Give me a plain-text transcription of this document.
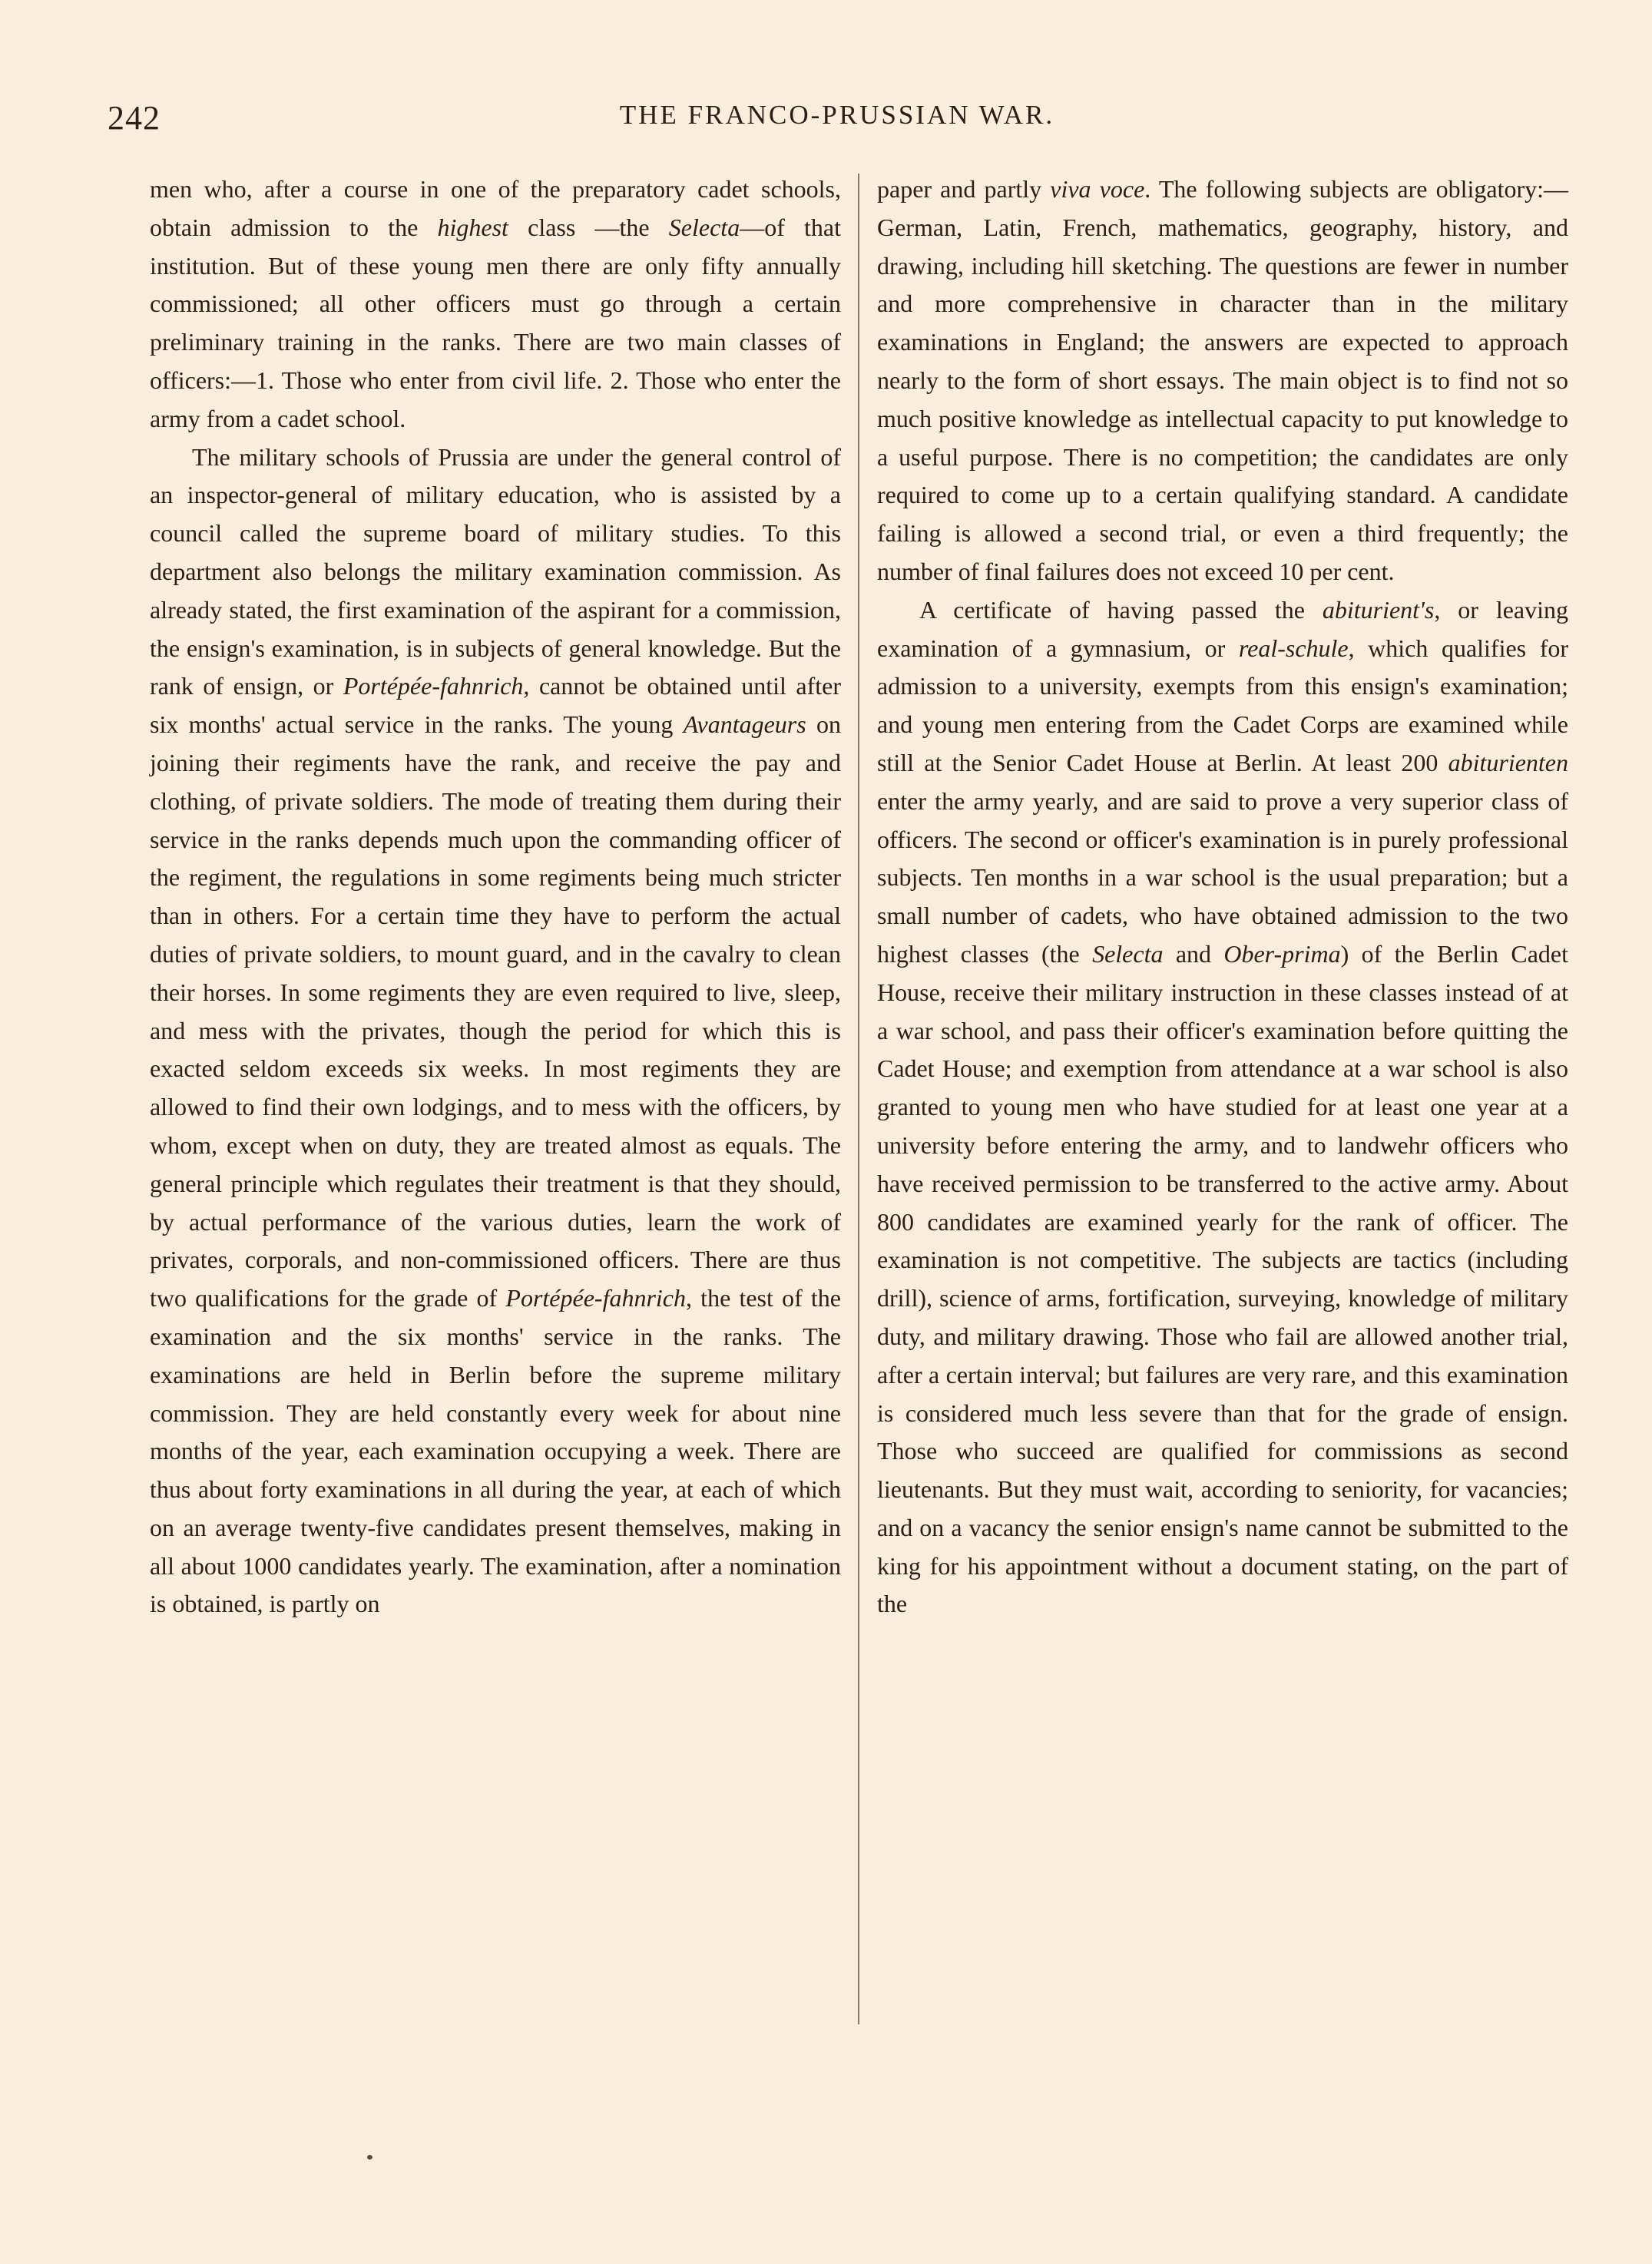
242	THE FRANCO-PRUSSIAN WAR.

men who, after a course in one of the preparatory cadet schools, obtain admission to the highest class —the Selecta—of that institution. But of these young men there are only fifty annually commissioned; all other officers must go through a certain preliminary training in the ranks. There are two main classes of officers:—1. Those who enter from civil life. 2. Those who enter the army from a cadet school.

The military schools of Prussia are under the general control of an inspector-general of military education, who is assisted by a council called the supreme board of military studies. To this department also belongs the military examination commission. As already stated, the first examination of the aspirant for a commission, the ensign's examination, is in subjects of general knowledge. But the rank of ensign, or Portépée-fahnrich, cannot be obtained until after six months' actual service in the ranks. The young Avantageurs on joining their regiments have the rank, and receive the pay and clothing, of private soldiers. The mode of treating them during their service in the ranks depends much upon the commanding officer of the regiment, the regulations in some regiments being much stricter than in others. For a certain time they have to perform the actual duties of private soldiers, to mount guard, and in the cavalry to clean their horses. In some regiments they are even required to live, sleep, and mess with the privates, though the period for which this is exacted seldom exceeds six weeks. In most regiments they are allowed to find their own lodgings, and to mess with the officers, by whom, except when on duty, they are treated almost as equals. The general principle which regulates their treatment is that they should, by actual performance of the various duties, learn the work of privates, corporals, and non-commissioned officers. There are thus two qualifications for the grade of Portépée-fahnrich, the test of the examination and the six months' service in the ranks. The examinations are held in Berlin before the supreme military commission. They are held constantly every week for about nine months of the year, each examination occupying a week. There are thus about forty examinations in all during the year, at each of which on an average twenty-five candidates present themselves, making in all about 1000 candidates yearly. The examination, after a nomination is obtained, is partly on

paper and partly viva voce. The following subjects are obligatory:—German, Latin, French, mathematics, geography, history, and drawing, including hill sketching. The questions are fewer in number and more comprehensive in character than in the military examinations in England; the answers are expected to approach nearly to the form of short essays. The main object is to find not so much positive knowledge as intellectual capacity to put knowledge to a useful purpose. There is no competition; the candidates are only required to come up to a certain qualifying standard. A candidate failing is allowed a second trial, or even a third frequently; the number of final failures does not exceed 10 per cent.

A certificate of having passed the abiturient's, or leaving examination of a gymnasium, or real-schule, which qualifies for admission to a university, exempts from this ensign's examination; and young men entering from the Cadet Corps are examined while still at the Senior Cadet House at Berlin. At least 200 abiturienten enter the army yearly, and are said to prove a very superior class of officers. The second or officer's examination is in purely professional subjects. Ten months in a war school is the usual preparation; but a small number of cadets, who have obtained admission to the two highest classes (the Selecta and Ober-prima) of the Berlin Cadet House, receive their military instruction in these classes instead of at a war school, and pass their officer's examination before quitting the Cadet House; and exemption from attendance at a war school is also granted to young men who have studied for at least one year at a university before entering the army, and to landwehr officers who have received permission to be transferred to the active army. About 800 candidates are examined yearly for the rank of officer. The examination is not competitive. The subjects are tactics (including drill), science of arms, fortification, surveying, knowledge of military duty, and military drawing. Those who fail are allowed another trial, after a certain interval; but failures are very rare, and this examination is considered much less severe than that for the grade of ensign. Those who succeed are qualified for commissions as second lieutenants. But they must wait, according to seniority, for vacancies; and on a vacancy the senior ensign's name cannot be submitted to the king for his appointment without a document stating, on the part of the
